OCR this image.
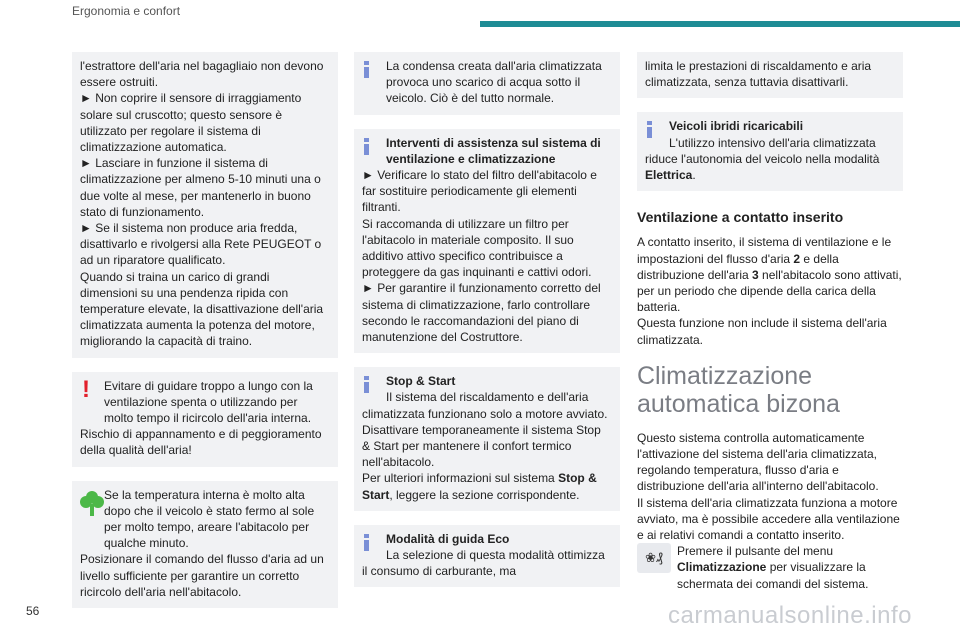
Ergonomia e confort

l'estrattore dell'aria nel bagagliaio non devono essere ostruiti.

► Non coprire il sensore di irraggiamento solare sul cruscotto; questo sensore è utilizzato per regolare il sistema di climatizzazione automatica.

► Lasciare in funzione il sistema di climatizzazione per almeno 5-10 minuti una o due volte al mese, per mantenerlo in buono stato di funzionamento.

► Se il sistema non produce aria fredda, disattivarlo e rivolgersi alla Rete PEUGEOT o ad un riparatore qualificato.

Quando si traina un carico di grandi dimensioni su una pendenza ripida con temperature elevate, la disattivazione dell'aria climatizzata aumenta la potenza del motore, migliorando la capacità di traino.

!	Evitare di guidare troppo a lungo con la ventilazione spenta o utilizzando per molto tempo il ricircolo dell'aria interna.

Rischio di appannamento e di peggioramento della qualità dell'aria!

Se la temperatura interna è molto alta dopo che il veicolo è stato fermo al sole per molto tempo, areare l'abitacolo per qualche minuto.

Posizionare il comando del flusso d'aria ad un livello sufficiente per garantire un corretto ricircolo dell'aria nell'abitacolo.

La condensa creata dall'aria climatizzata provoca uno scarico di acqua sotto il veicolo. Ciò è del tutto normale.

Interventi di assistenza sul sistema di ventilazione e climatizzazione

► Verificare lo stato del filtro dell'abitacolo e far sostituire periodicamente gli elementi filtranti.

Si raccomanda di utilizzare un filtro per l'abitacolo in materiale composito. Il suo additivo attivo specifico contribuisce a proteggere da gas inquinanti e cattivi odori.

► Per garantire il funzionamento corretto del sistema di climatizzazione, farlo controllare secondo le raccomandazioni del piano di manutenzione del Costruttore.

Stop & Start

Il sistema del riscaldamento e dell'aria climatizzata funzionano solo a motore avviato.

Disattivare temporaneamente il sistema Stop & Start per mantenere il confort termico nell'abitacolo.

Per ulteriori informazioni sul sistema Stop & Start, leggere la sezione corrispondente.

Modalità di guida Eco

La selezione di questa modalità ottimizza il consumo di carburante, ma

limita le prestazioni di riscaldamento e aria climatizzata, senza tuttavia disattivarli.

Veicoli ibridi ricaricabili

L'utilizzo intensivo dell'aria climatizzata riduce l'autonomia del veicolo nella modalità Elettrica.

Ventilazione a contatto inserito

A contatto inserito, il sistema di ventilazione e le impostazioni del flusso d'aria 2 e della distribuzione dell'aria 3 nell'abitacolo sono attivati, per un periodo che dipende della carica della batteria.

Questa funzione non include il sistema dell'aria climatizzata.

Climatizzazione automatica bizona

Questo sistema controlla automaticamente l'attivazione del sistema dell'aria climatizzata, regolando temperatura, flusso d'aria e distribuzione dell'aria all'interno dell'abitacolo.

Il sistema dell'aria climatizzata funziona a motore avviato, ma è possibile accedere alla ventilazione e ai relativi comandi a contatto inserito.

❀₰	Premere il pulsante del menu Climatizzazione per visualizzare la schermata dei comandi del sistema.

56	carmanualsonline.info
